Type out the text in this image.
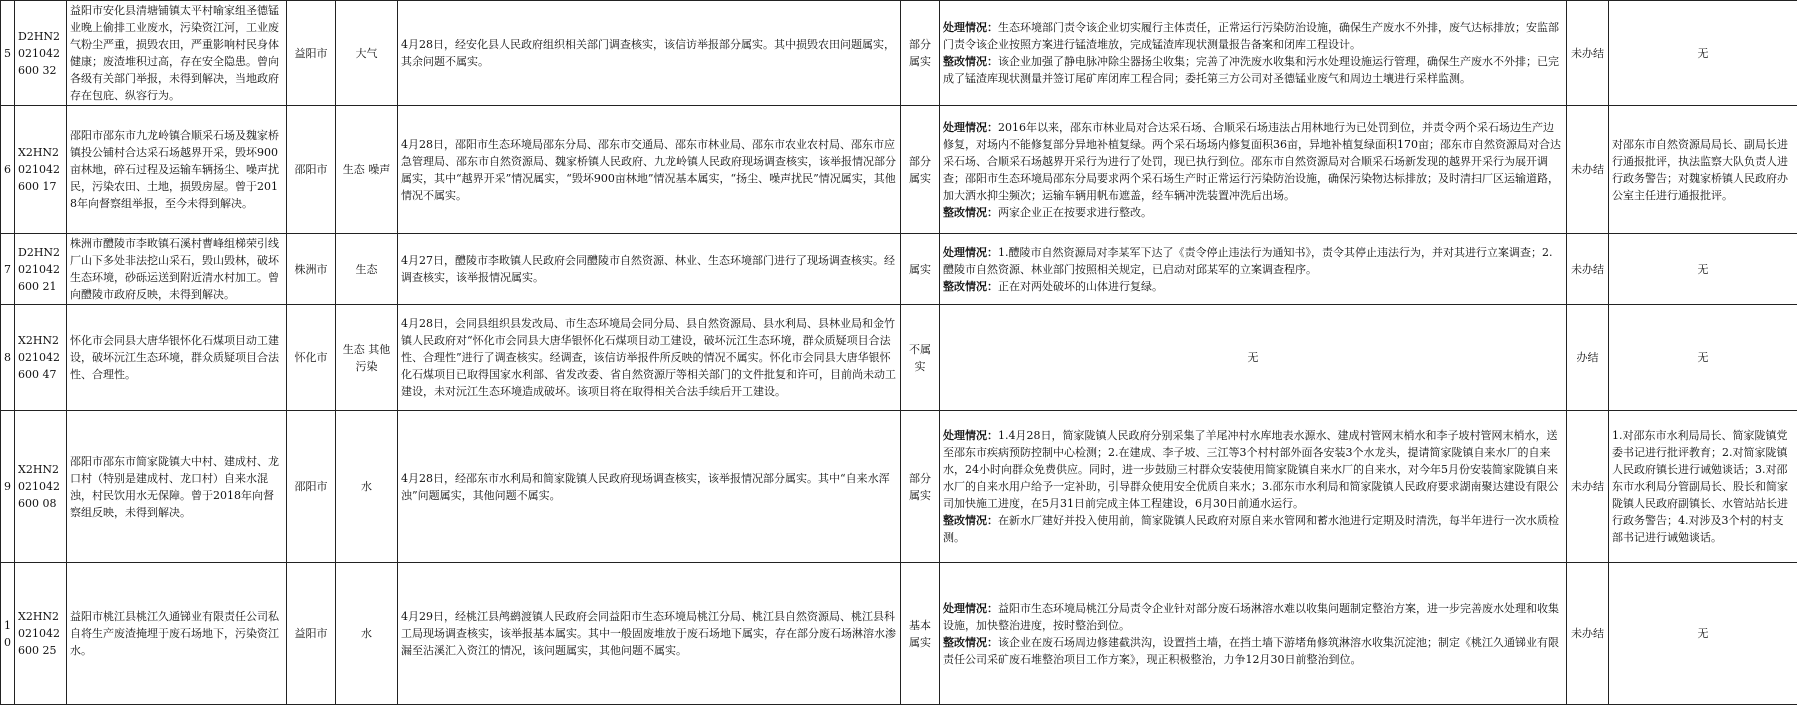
5	D2HN2021042600 32	益阳市安化县清塘铺镇太平村喻家组圣德锰业晚上偷排工业废水，污染资江河，工业废气粉尘严重，损毁农田，严重影响村民身体健康；废渣堆积过高，存在安全隐患。曾向各级有关部门举报，未得到解决，当地政府存在包庇、纵容行为。	益阳市	大气	4月28日，经安化县人民政府组织相关部门调查核实，该信访举报部分属实。其中损毁农田问题属实，其余问题不属实。	部分属实	处理情况：生态环境部门责令该企业切实履行主体责任，正常运行污染防治设施，确保生产废水不外排，废气达标排放；安监部门责令该企业按照方案进行锰渣堆放，完成锰渣库现状测量报告备案和闭库工程设计。
整改情况：该企业加强了静电脉冲除尘器扬尘收集；完善了冲洗废水收集和污水处理设施运行管理，确保生产废水不外排；已完成了锰渣库现状测量并签订尾矿库闭库工程合同；委托第三方公司对圣德锰业废气和周边土壤进行采样监测。	未办结	无
6	X2HN2021042600 17	邵阳市邵东市九龙岭镇合顺采石场及魏家桥镇投公铺村合达采石场越界开采，毁坏900亩林地，碎石过程及运输车辆扬尘、噪声扰民，污染农田、土地，损毁房屋。曾于2018年向督察组举报，至今未得到解决。	邵阳市	生态 噪声	4月28日，邵阳市生态环境局邵东分局、邵东市交通局、邵东市林业局、邵东市农业农村局、邵东市应急管理局、邵东市自然资源局、魏家桥镇人民政府、九龙岭镇人民政府现场调查核实，该举报情况部分属实，其中“越界开采”情况属实，“毁坏900亩林地”情况基本属实，“扬尘、噪声扰民”情况属实，其他情况不属实。	部分属实	处理情况：2016年以来，邵东市林业局对合达采石场、合顺采石场违法占用林地行为已处罚到位，并责令两个采石场边生产边修复，对场内不能修复部分异地补植复绿。两个采石场场内修复面积36亩，异地补植复绿面积170亩；邵东市自然资源局对合达采石场、合顺采石场越界开采行为进行了处罚，现已执行到位。邵东市自然资源局对合顺采石场新发现的越界开采行为展开调查；邵阳市生态环境局邵东分局要求两个采石场生产时正常运行污染防治设施，确保污染物达标排放；及时清扫厂区运输道路，加大洒水抑尘频次；运输车辆用帆布遮盖，经车辆冲洗装置冲洗后出场。
整改情况：两家企业正在按要求进行整改。	未办结	对邵东市自然资源局局长、副局长进行通报批评，执法监察大队负责人进行政务警告；对魏家桥镇人民政府办公室主任进行通报批评。
7	D2HN2021042600 21	株洲市醴陵市李畋镇石溪村曹峰组梯荣引线厂山下多处非法挖山采石，毁山毁林，破坏生态环境，砂砾运送到附近清水村加工。曾向醴陵市政府反映，未得到解决。	株洲市	生态	4月27日，醴陵市李畋镇人民政府会同醴陵市自然资源、林业、生态环境部门进行了现场调查核实。经调查核实，该举报情况属实。	属实	处理情况：1.醴陵市自然资源局对李某军下达了《责令停止违法行为通知书》，责令其停止违法行为，并对其进行立案调查；2.醴陵市自然资源、林业部门按照相关规定，已启动对邱某军的立案调查程序。
整改情况：正在对两处破坏的山体进行复绿。	未办结	无
8	X2HN2021042600 47	怀化市会同县大唐华银怀化石煤项目动工建设，破坏沅江生态环境，群众质疑项目合法性、合理性。	怀化市	生态 其他污染	4月28日，会同县组织县发改局、市生态环境局会同分局、县自然资源局、县水利局、县林业局和金竹镇人民政府对“怀化市会同县大唐华银怀化石煤项目动工建设，破坏沅江生态环境，群众质疑项目合法性、合理性”进行了调查核实。经调查，该信访举报件所反映的情况不属实。怀化市会同县大唐华银怀化石煤项目已取得国家水利部、省发改委、省自然资源厅等相关部门的文件批复和许可，目前尚未动工建设，未对沅江生态环境造成破坏。该项目将在取得相关合法手续后开工建设。	不属实	无	办结	无
9	X2HN2021042600 08	邵阳市邵东市简家陇镇大中村、建成村、龙口村（特别是建成村、龙口村）自来水混浊，村民饮用水无保障。曾于2018年向督察组反映，未得到解决。	邵阳市	水	4月28日，经邵东市水利局和简家陇镇人民政府现场调查核实，该举报情况部分属实。其中“自来水浑浊”问题属实，其他问题不属实。	部分属实	处理情况：1.4月28日，简家陇镇人民政府分别采集了羊尾冲村水库地表水源水、建成村管网末梢水和李子坡村管网末梢水，送至邵东市疾病预防控制中心检测；2.在建成、李子坡、三江等3个村村部外面各安装3个水龙头，提请简家陇镇自来水厂的自来水，24小时向群众免费供应。同时，进一步鼓励三村群众安装使用简家陇镇自来水厂的自来水，对今年5月份安装简家陇镇自来水厂的自来水用户给予一定补助，引导群众使用安全优质自来水；3.邵东市水利局和简家陇镇人民政府要求湖南聚达建设有限公司加快施工进度，在5月31日前完成主体工程建设，6月30日前通水运行。
整改情况：在新水厂建好并投入使用前，简家陇镇人民政府对原自来水管网和蓄水池进行定期及时清洗，每半年进行一次水质检测。	未办结	1.对邵东市水利局局长、简家陇镇党委书记进行批评教育；2.对简家陇镇人民政府镇长进行诫勉谈话；3.对邵东市水利局分管副局长、股长和简家陇镇人民政府副镇长、水管站站长进行政务警告；4.对涉及3个村的村支部书记进行诫勉谈话。
10	X2HN2021042600 25	益阳市桃江县桃江久通锑业有限责任公司私自将生产废渣掩埋于废石场地下，污染资江水。	益阳市	水	4月29日，经桃江县鸬鹚渡镇人民政府会同益阳市生态环境局桃江分局、桃江县自然资源局、桃江县科工局现场调查核实，该举报基本属实。其中一般固废堆放于废石场地下属实，存在部分废石场淋溶水渗漏至沾溪汇入资江的情况，该问题属实，其他问题不属实。	基本属实	处理情况：益阳市生态环境局桃江分局责令企业针对部分废石场淋溶水难以收集问题制定整治方案，进一步完善废水处理和收集设施，加快整治进度，按时整治到位。
整改情况：该企业在废石场周边修建截洪沟，设置挡土墙，在挡土墙下游堵角修筑淋溶水收集沉淀池；制定《桃江久通锑业有限责任公司采矿废石堆整治项目工作方案》，现正积极整治，力争12月30日前整治到位。	未办结	无
